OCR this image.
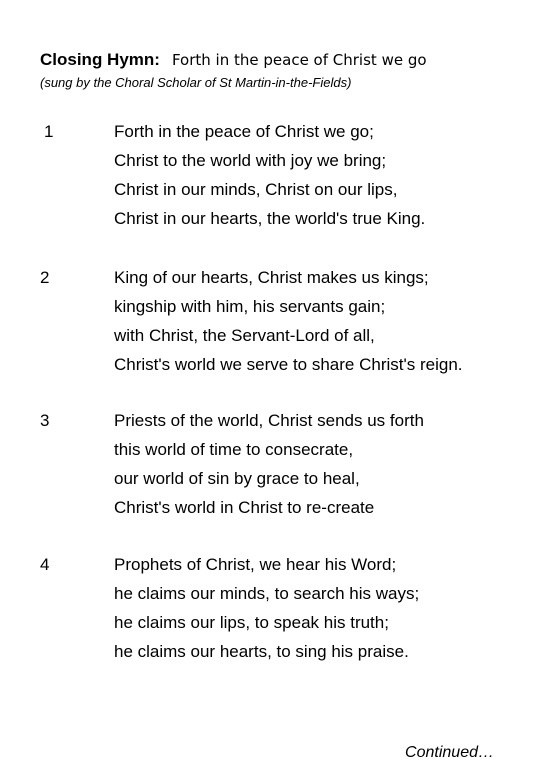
Closing Hymn: Forth in the peace of Christ we go
(sung by the Choral Scholar of St Martin-in-the-Fields)
1	Forth in the peace of Christ we go;
Christ to the world with joy we bring;
Christ in our minds, Christ on our lips,
Christ in our hearts, the world's true King.
2	King of our hearts, Christ makes us kings;
kingship with him, his servants gain;
with Christ, the Servant-Lord of all,
Christ's world we serve to share Christ's reign.
3	Priests of the world, Christ sends us forth
this world of time to consecrate,
our world of sin by grace to heal,
Christ's world in Christ to re-create
4	Prophets of Christ, we hear his Word;
he claims our minds, to search his ways;
he claims our lips, to speak his truth;
he claims our hearts, to sing his praise.
Continued…
